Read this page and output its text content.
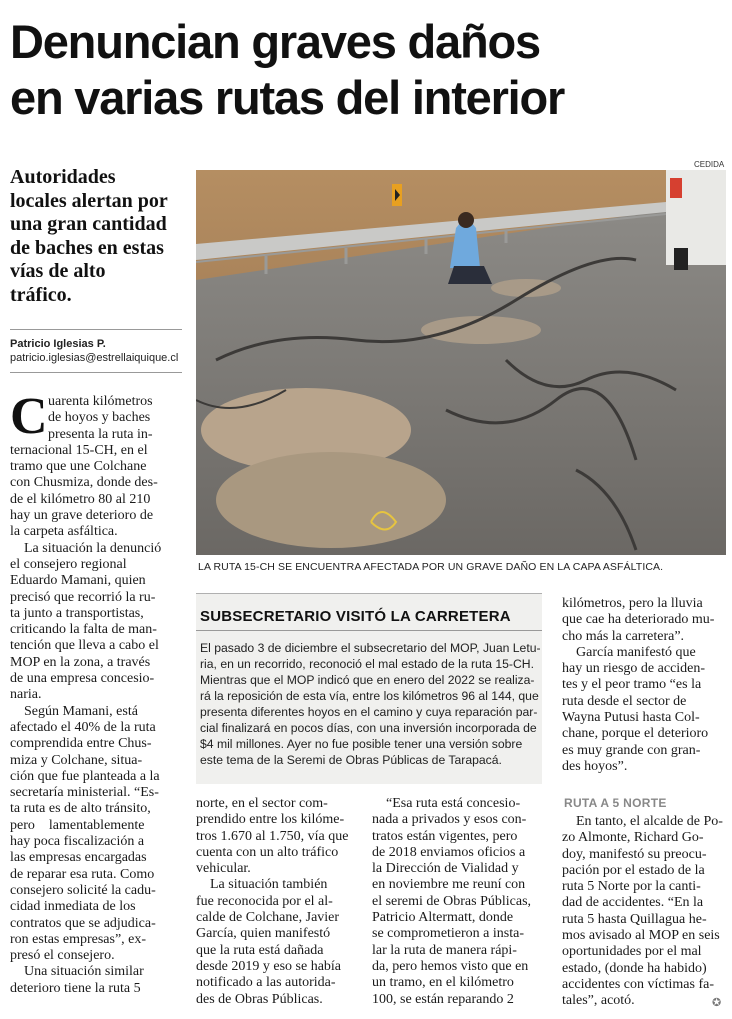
Denuncian graves daños
en varias rutas del interior
Autoridades
locales alertan por
una gran cantidad
de baches en estas
vías de alto
tráfico.
Patricio Iglesias P.
patricio.iglesias@estrellaiquique.cl
CEDIDA
LA RUTA 15-CH SE ENCUENTRA AFECTADA POR UN GRAVE DAÑO EN LA CAPA ASFÁLTICA.
C uarenta kilómetros
de hoyos y baches
presenta la ruta in-
ternacional 15-CH, en el
tramo que une Colchane
con Chusmiza, donde des-
de el kilómetro 80 al 210
hay un grave deterioro de
la carpeta asfáltica.
La situación la denunció
el consejero regional
Eduardo Mamani, quien
precisó que recorrió la ru-
ta junto a transportistas,
criticando la falta de man-
tención que lleva a cabo el
MOP en la zona, a través
de una empresa concesio-
naria.
Según Mamani, está
afectado el 40% de la ruta
comprendida entre Chus-
miza y Colchane, situa-
ción que fue planteada a la
secretaría ministerial. “Es-
ta ruta es de alto tránsito,
pero    lamentablemente
hay poca fiscalización a
las empresas encargadas
de reparar esa ruta. Como
consejero solicité la cadu-
cidad inmediata de los
contratos que se adjudica-
ron estas empresas”, ex-
presó el consejero.
Una situación similar
deterioro tiene la ruta 5
SUBSECRETARIO VISITÓ LA CARRETERA
El pasado 3 de diciembre el subsecretario del MOP, Juan Letu-
ria, en un recorrido, reconoció el mal estado de la ruta 15-CH.
Mientras que el MOP indicó que en enero del 2022 se realiza-
rá la reposición de esta vía, entre los kilómetros 96 al 144, que
presenta diferentes hoyos en el camino y cuya reparación par-
cial finalizará en pocos días, con una inversión incorporada de
$4 mil millones. Ayer no fue posible tener una versión sobre
este tema de la Seremi de Obras Públicas de Tarapacá.
norte, en el sector com-
prendido entre los kilóme-
tros 1.670 al 1.750, vía que
cuenta con un alto tráfico
vehicular.
La situación también
fue reconocida por el al-
calde de Colchane, Javier
García, quien manifestó
que la ruta está dañada
desde 2019 y eso se había
notificado a las autorida-
des de Obras Públicas.
“Esa ruta está concesio-
nada a privados y esos con-
tratos están vigentes, pero
de 2018 enviamos oficios a
la Dirección de Vialidad y
en noviembre me reuní con
el seremi de Obras Públicas,
Patricio Altermatt, donde
se comprometieron a insta-
lar la ruta de manera rápi-
da, pero hemos visto que en
un tramo, en el kilómetro
100, se están reparando 2
kilómetros, pero la lluvia
que cae ha deteriorado mu-
cho más la carretera”.
García manifestó que
hay un riesgo de acciden-
tes y el peor tramo “es la
ruta desde el sector de
Wayna Putusi hasta Col-
chane, porque el deterioro
es muy grande con gran-
des hoyos”.
RUTA A 5 NORTE
En tanto, el alcalde de Po-
zo Almonte, Richard Go-
doy, manifestó su preocu-
pación por el estado de la
ruta 5 Norte por la canti-
dad de accidentes. “En la
ruta 5 hasta Quillagua he-
mos avisado al MOP en seis
oportunidades por el mal
estado, (donde ha habido)
accidentes con víctimas fa-
tales”, acotó.	✪
